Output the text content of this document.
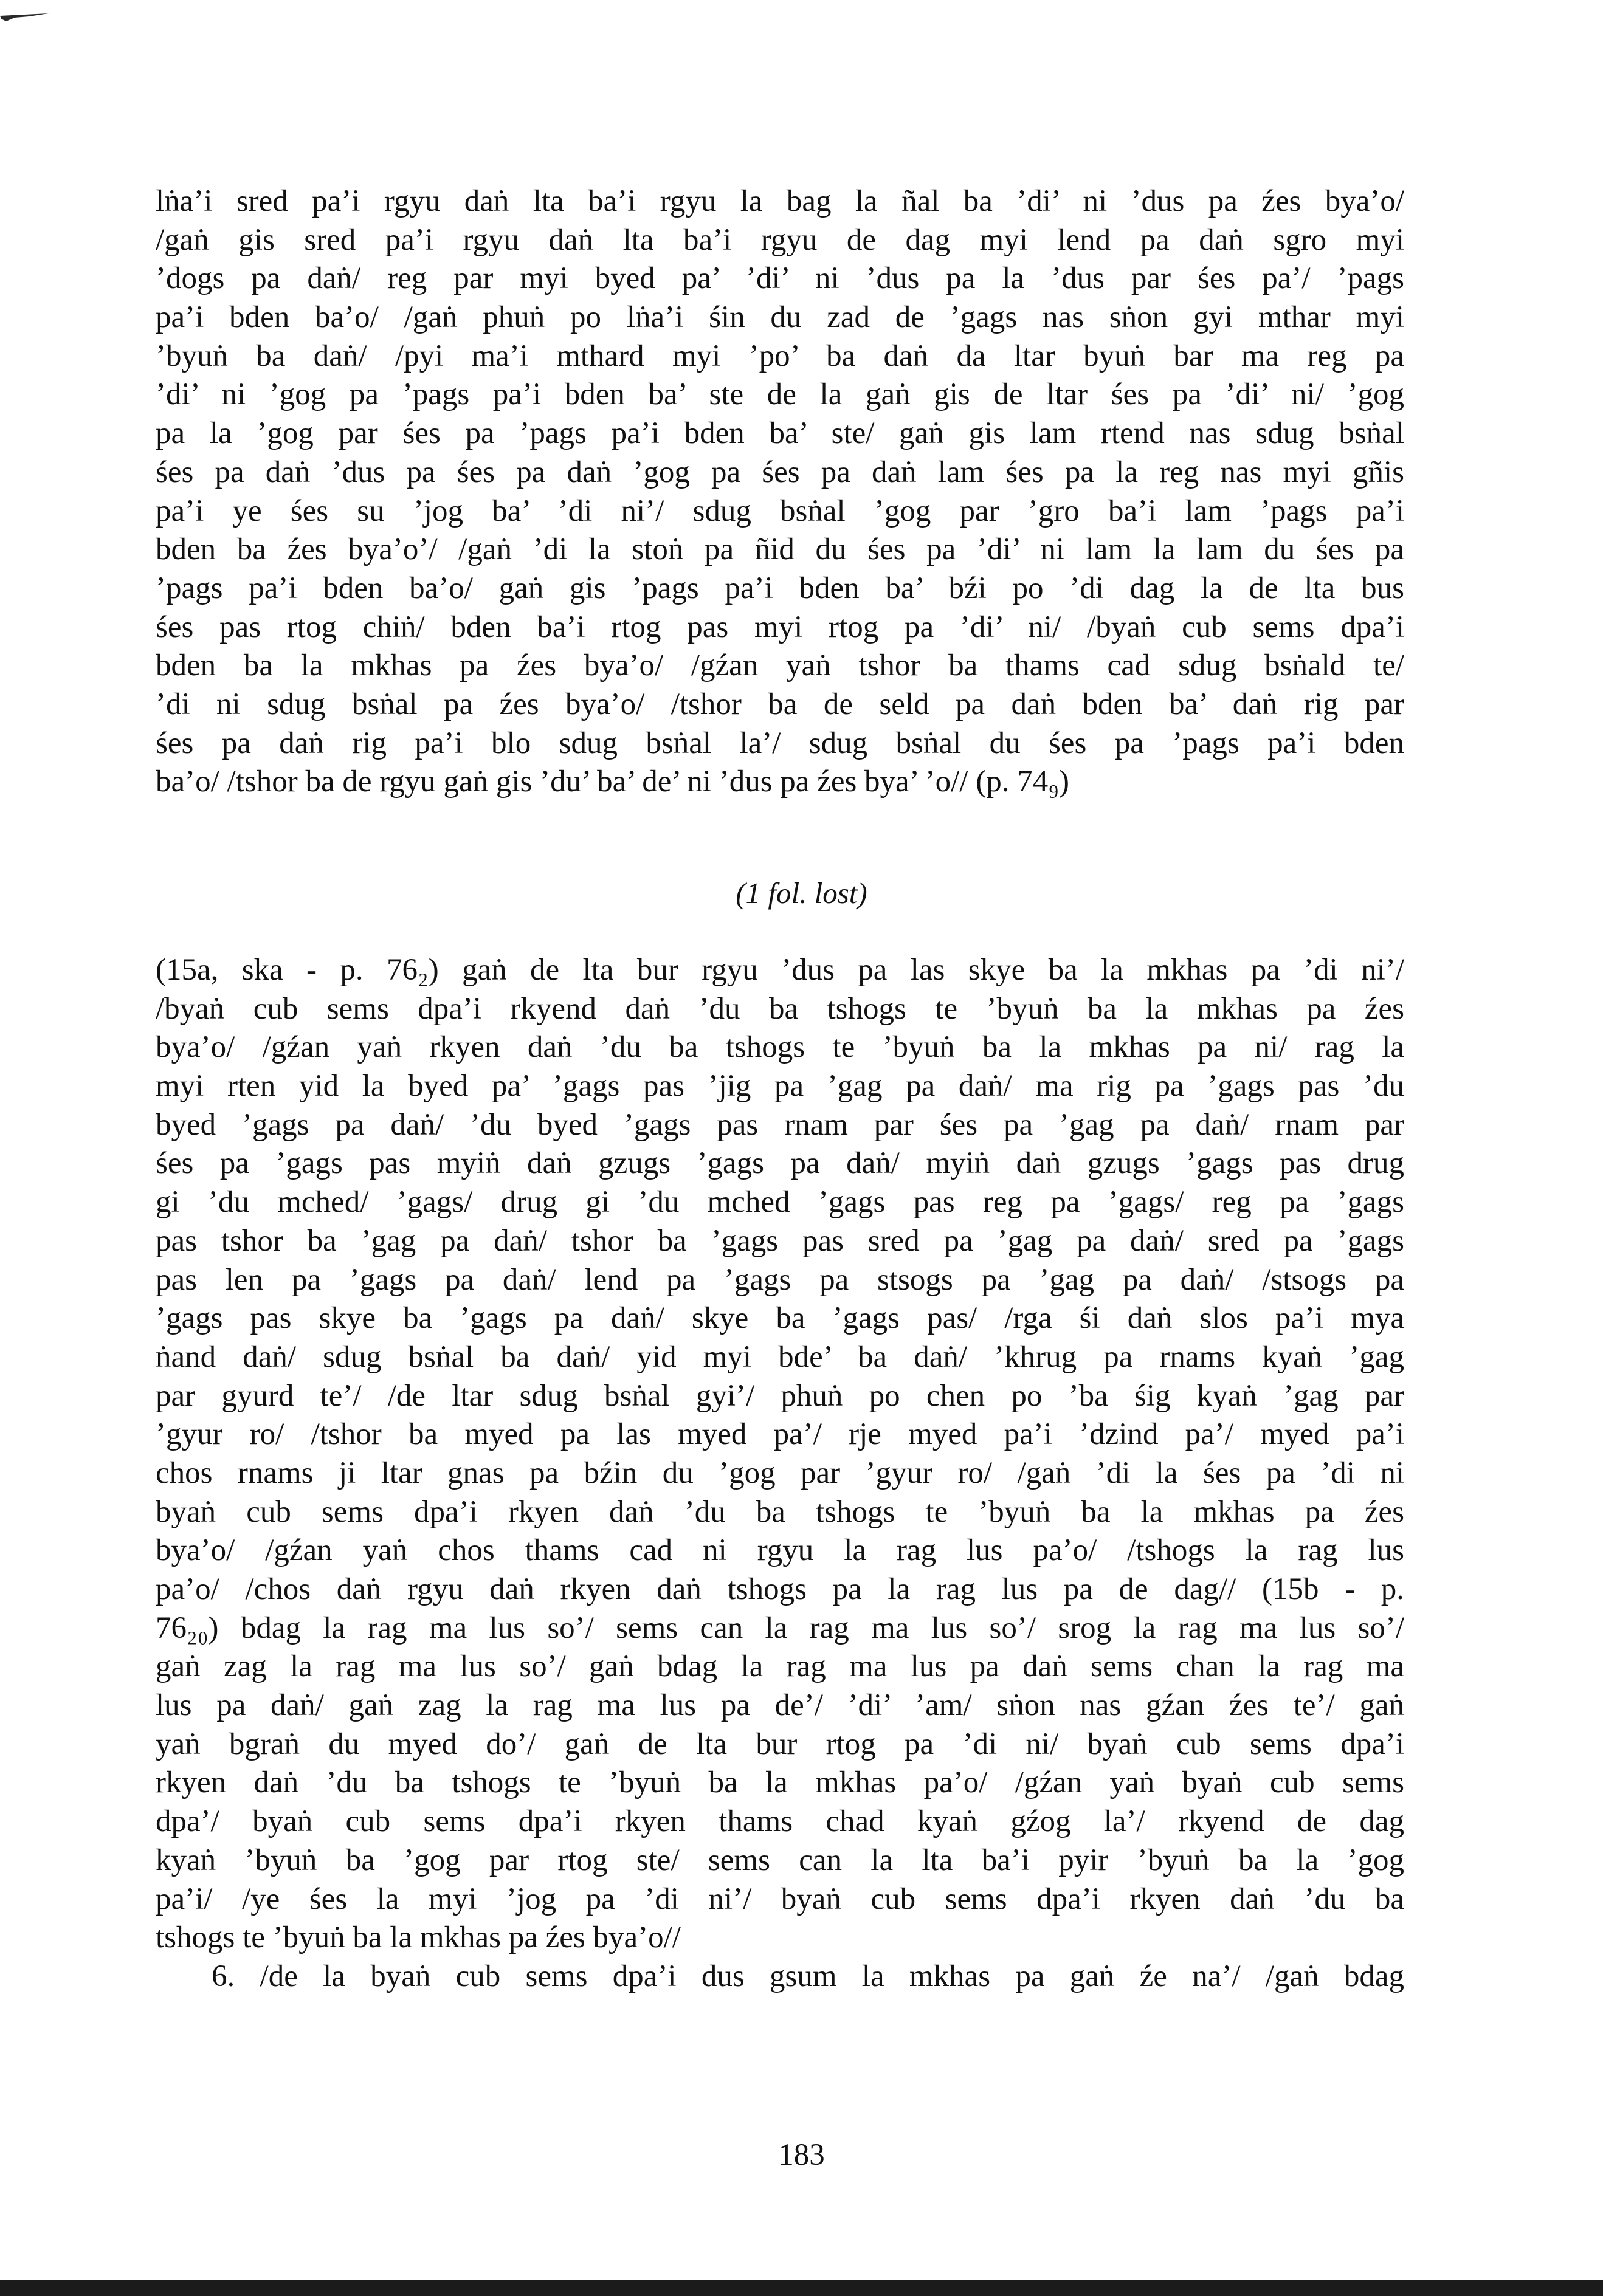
lṅa’i sred pa’i rgyu daṅ lta ba’i rgyu la bag la ñal ba ’di’ ni ’dus pa źes bya’o/
/gaṅ gis sred pa’i rgyu daṅ lta ba’i rgyu de dag myi lend pa daṅ sgro myi
’dogs pa daṅ/ reg par myi byed pa’ ’di’ ni ’dus pa la ’dus par śes pa’/ ’pags
pa’i bden ba’o/ /gaṅ phuṅ po lṅa’i śin du zad de ’gags nas sṅon gyi mthar myi
’byuṅ ba daṅ/ /pyi ma’i mthard myi ’po’ ba daṅ da ltar byuṅ bar ma reg pa
’di’ ni ’gog pa ’pags pa’i bden ba’ ste de la gaṅ gis de ltar śes pa ’di’ ni/ ’gog
pa la ’gog par śes pa ’pags pa’i bden ba’ ste/ gaṅ gis lam rtend nas sdug bsṅal
śes pa daṅ ’dus pa śes pa daṅ ’gog pa śes pa daṅ lam śes pa la reg nas myi gñis
pa’i ye śes su ’jog ba’ ’di ni’/ sdug bsṅal ’gog par ’gro ba’i lam ’pags pa’i
bden ba źes bya’o’/ /gaṅ ’di la stoṅ pa ñid du śes pa ’di’ ni lam la lam du śes pa
’pags pa’i bden ba’o/ gaṅ gis ’pags pa’i bden ba’ bźi po ’di dag la de lta bus
śes pas rtog chiṅ/ bden ba’i rtog pas myi rtog pa ’di’ ni/ /byaṅ cub sems dpa’i
bden ba la mkhas pa źes bya’o/ /gźan yaṅ tshor ba thams cad sdug bsṅald te/
’di ni sdug bsṅal pa źes bya’o/ /tshor ba de seld pa daṅ bden ba’ daṅ rig par
śes pa daṅ rig pa’i blo sdug bsṅal la’/ sdug bsṅal du śes pa ’pags pa’i bden
ba’o/ /tshor ba de rgyu gaṅ gis ’du’ ba’ de’ ni ’dus pa źes bya’ ’o// (p. 74₉)
(1 fol. lost)
(15a, ska - p. 76₂) gaṅ de lta bur rgyu ’dus pa las skye ba la mkhas pa ’di ni’/
/byaṅ cub sems dpa’i rkyend daṅ ’du ba tshogs te ’byuṅ ba la mkhas pa źes
bya’o/ /gźan yaṅ rkyen daṅ ’du ba tshogs te ’byuṅ ba la mkhas pa ni/ rag la
myi rten yid la byed pa’ ’gags pas ’jig pa ’gag pa daṅ/ ma rig pa ’gags pas ’du
byed ’gags pa daṅ/ ’du byed ’gags pas rnam par śes pa ’gag pa daṅ/ rnam par
śes pa ’gags pas myiṅ daṅ gzugs ’gags pa daṅ/ myiṅ daṅ gzugs ’gags pas drug
gi ’du mched/ ’gags/ drug gi ’du mched ’gags pas reg pa ’gags/ reg pa ’gags
pas tshor ba ’gag pa daṅ/ tshor ba ’gags pas sred pa ’gag pa daṅ/ sred pa ’gags
pas len pa ’gags pa daṅ/ lend pa ’gags pa stsogs pa ’gag pa daṅ/ /stsogs pa
’gags pas skye ba ’gags pa daṅ/ skye ba ’gags pas/ /rga śi daṅ slos pa’i mya
ṅand daṅ/ sdug bsṅal ba daṅ/ yid myi bde’ ba daṅ/ ’khrug pa rnams kyaṅ ’gag
par gyurd te’/ /de ltar sdug bsṅal gyi’/ phuṅ po chen po ’ba śig kyaṅ ’gag par
’gyur ro/ /tshor ba myed pa las myed pa’/ rje myed pa’i ’dzind pa’/ myed pa’i
chos rnams ji ltar gnas pa bźin du ’gog par ’gyur ro/ /gaṅ ’di la śes pa ’di ni
byaṅ cub sems dpa’i rkyen daṅ ’du ba tshogs te ’byuṅ ba la mkhas pa źes
bya’o/ /gźan yaṅ chos thams cad ni rgyu la rag lus pa’o/ /tshogs la rag lus
pa’o/ /chos daṅ rgyu daṅ rkyen daṅ tshogs pa la rag lus pa de dag// (15b - p.
76₂₀) bdag la rag ma lus so’/ sems can la rag ma lus so’/ srog la rag ma lus so’/
gaṅ zag la rag ma lus so’/ gaṅ bdag la rag ma lus pa daṅ sems chan la rag ma
lus pa daṅ/ gaṅ zag la rag ma lus pa de’/ ’di’ ’am/ sṅon nas gźan źes te’/ gaṅ
yaṅ bgraṅ du myed do’/ gaṅ de lta bur rtog pa ’di ni/ byaṅ cub sems dpa’i
rkyen daṅ ’du ba tshogs te ’byuṅ ba la mkhas pa’o/ /gźan yaṅ byaṅ cub sems
dpa’/ byaṅ cub sems dpa’i rkyen thams chad kyaṅ gźog la’/ rkyend de dag
kyaṅ ’byuṅ ba ’gog par rtog ste/ sems can la lta ba’i pyir ’byuṅ ba la ’gog
pa’i/ /ye śes la myi ’jog pa ’di ni’/ byaṅ cub sems dpa’i rkyen daṅ ’du ba
tshogs te ’byuṅ ba la mkhas pa źes bya’o//
6. /de la byaṅ cub sems dpa’i dus gsum la mkhas pa gaṅ źe na’/ /gaṅ bdag
183
